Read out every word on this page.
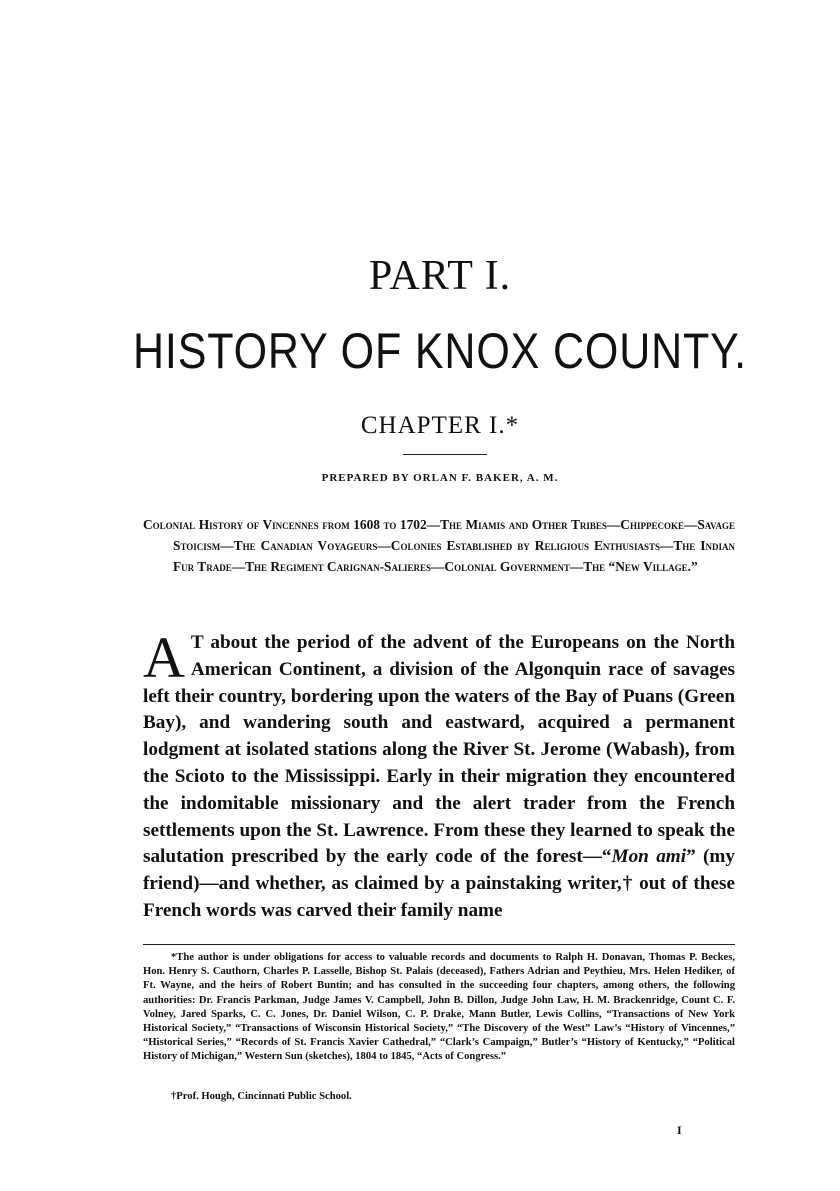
PART I.
HISTORY OF KNOX COUNTY.
CHAPTER I.*
PREPARED BY ORLAN F. BAKER, A. M.
Colonial History of Vincennes from 1608 to 1702—The Miamis and Other Tribes—Chippecoke—Savage Stoicism—The Canadian Voyageurs—Colonies Established by Religious Enthusiasts—The Indian Fur Trade—The Regiment Carignan-Salieres—Colonial Government—The “New Village.”
A T about the period of the advent of the Europeans on the North American Continent, a division of the Algonquin race of savages left their country, bordering upon the waters of the Bay of Puans (Green Bay), and wandering south and eastward, acquired a permanent lodgment at isolated stations along the River St. Jerome (Wabash), from the Scioto to the Mississippi. Early in their migration they encountered the indomitable missionary and the alert trader from the French settlements upon the St. Lawrence. From these they learned to speak the salutation prescribed by the early code of the forest—“Mon ami” (my friend)—and whether, as claimed by a painstaking writer,† out of these French words was carved their family name
*The author is under obligations for access to valuable records and documents to Ralph H. Donavan, Thomas P. Beckes, Hon. Henry S. Cauthorn, Charles P. Lasselle, Bishop St. Palais (deceased), Fathers Adrian and Peythieu, Mrs. Helen Hediker, of Ft. Wayne, and the heirs of Robert Buntin; and has consulted in the succeeding four chapters, among others, the following authorities: Dr. Francis Parkman, Judge James V. Campbell, John B. Dillon, Judge John Law, H. M. Brackenridge, Count C. F. Volney, Jared Sparks, C. C. Jones, Dr. Daniel Wilson, C. P. Drake, Mann Butler, Lewis Collins, “Transactions of New York Historical Society,” “Transactions of Wisconsin Historical Society,” “The Discovery of the West” Law’s “History of Vincennes,” “Historical Series,” “Records of St. Francis Xavier Cathedral,” “Clark’s Campaign,” Butler’s “History of Kentucky,” “Political History of Michigan,” Western Sun (sketches), 1804 to 1845, “Acts of Congress.”
†Prof. Hough, Cincinnati Public School.
I
